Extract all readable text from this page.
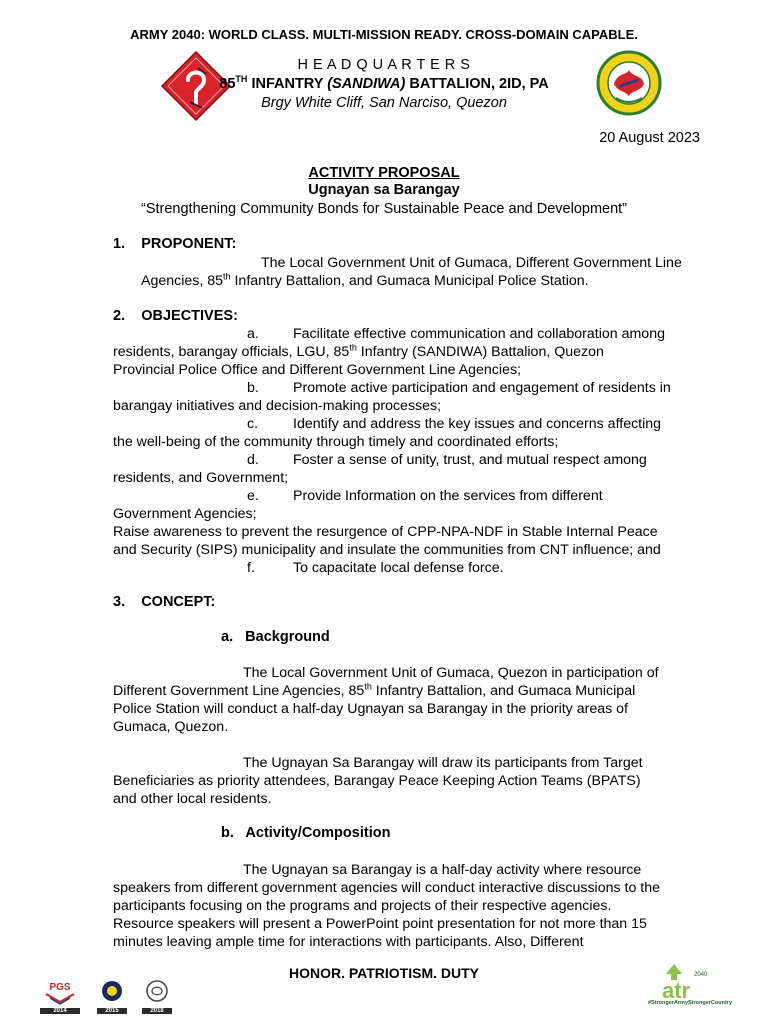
ARMY 2040: WORLD CLASS. MULTI-MISSION READY. CROSS-DOMAIN CAPABLE.
H E A D Q U A R T E R S
85TH INFANTRY (SANDIWA) BATTALION, 2ID, PA
Brgy White Cliff, San Narciso, Quezon
20 August 2023
ACTIVITY PROPOSAL
Ugnayan sa Barangay
“Strengthening Community Bonds for Sustainable Peace and Development”
1.    PROPONENT:
The Local Government Unit of Gumaca, Different Government Line
Agencies, 85th Infantry Battalion, and Gumaca Municipal Police Station.
2.    OBJECTIVES:
a. Facilitate effective communication and collaboration among
residents, barangay officials, LGU, 85th Infantry (SANDIWA) Battalion, Quezon
Provincial Police Office and Different Government Line Agencies;
b. Promote active participation and engagement of residents in
barangay initiatives and decision-making processes;
c. Identify and address the key issues and concerns affecting
the well-being of the community through timely and coordinated efforts;
d. Foster a sense of unity, trust, and mutual respect among
residents, and Government;
e. Provide Information on the services from different
Government Agencies;
Raise awareness to prevent the resurgence of CPP-NPA-NDF in Stable Internal Peace
and Security (SIPS) municipality and insulate the communities from CNT influence; and
f.	To capacitate local defense force.
3.    CONCEPT:
a.   Background
The Local Government Unit of Gumaca, Quezon in participation of
Different Government Line Agencies, 85th Infantry Battalion, and Gumaca Municipal
Police Station will conduct a half-day Ugnayan sa Barangay in the priority areas of
Gumaca, Quezon.
The Ugnayan Sa Barangay will draw its participants from Target
Beneficiaries as priority attendees, Barangay Peace Keeping Action Teams (BPATS)
and other local residents.
b.   Activity/Composition
The Ugnayan sa Barangay is a half-day activity where resource
speakers from different government agencies will conduct interactive discussions to the
participants focusing on the programs and projects of their respective agencies.
Resource speakers will present a PowerPoint point presentation for not more than 15
minutes leaving ample time for interactions with participants. Also, Different
HONOR. PATRIOTISM. DUTY
PGS
2014	2015	2018
2040
atr
#StrongerArmyStrongerCountry
